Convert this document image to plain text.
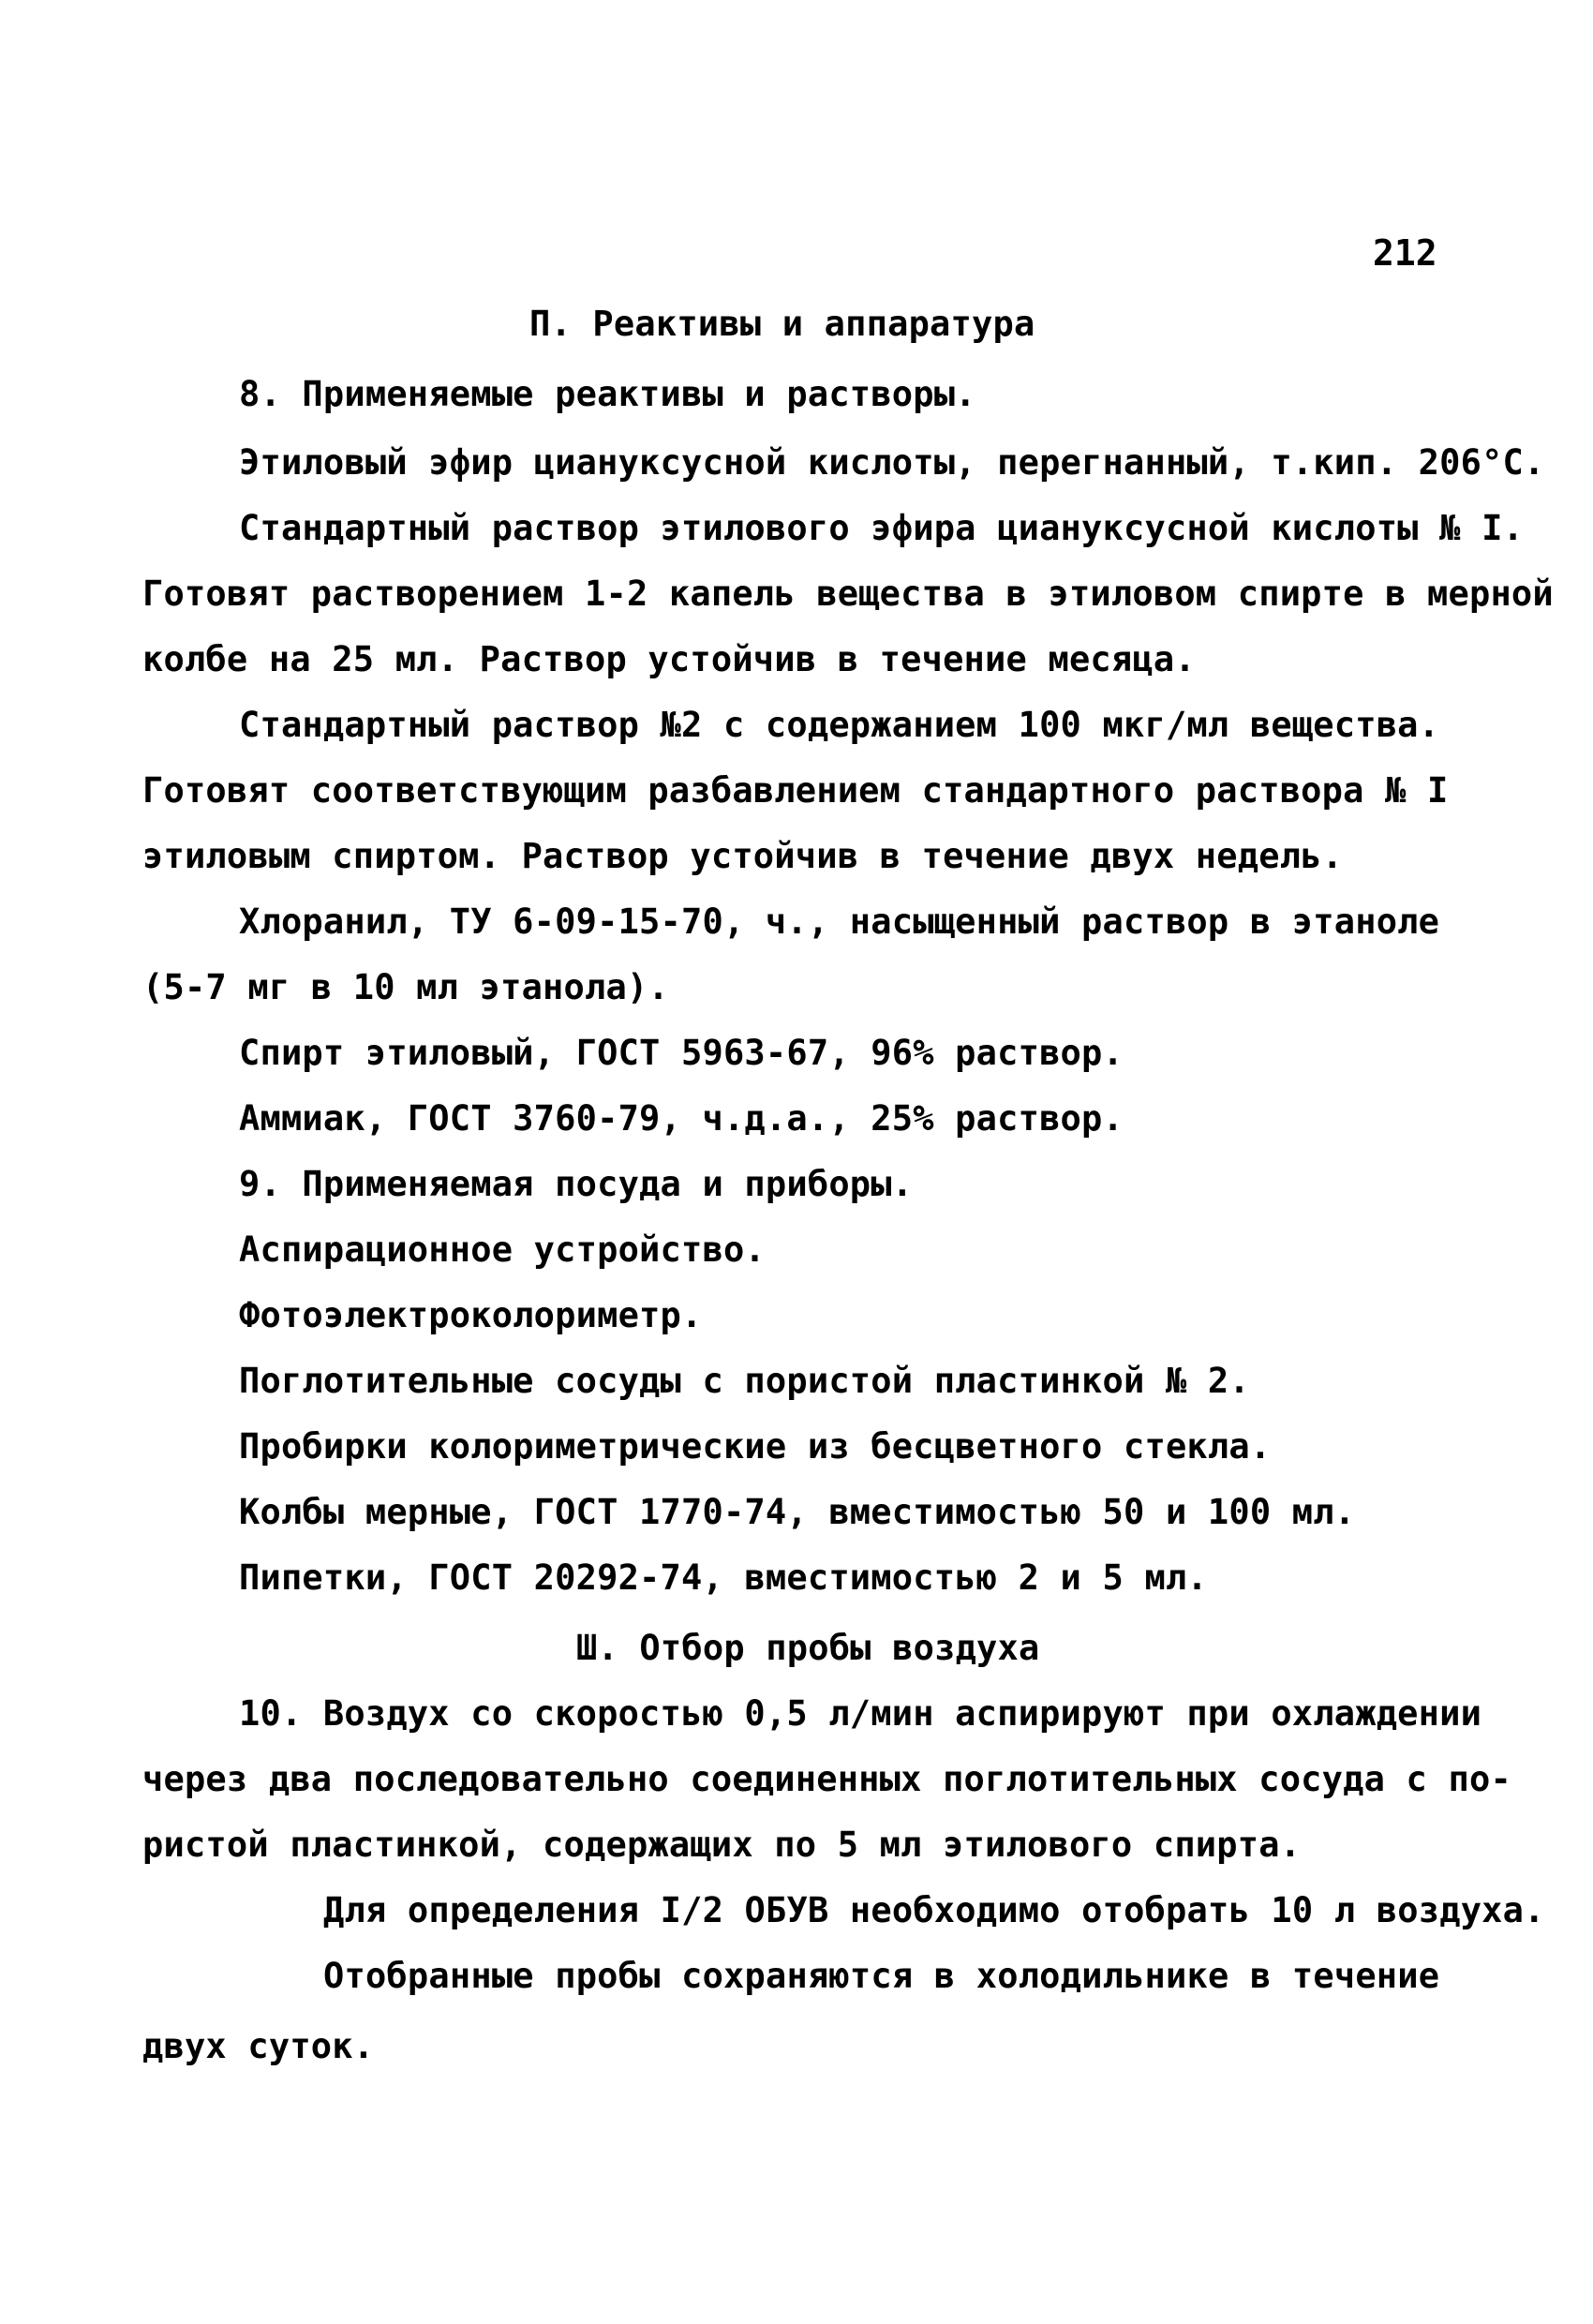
212
П. Реактивы и аппаратура
8. Применяемые реактивы и растворы.
Этиловый эфир циануксусной кислоты, перегнанный, т.кип. 206°С.
Стандартный раствор этилового эфира циануксусной кислоты № I.
Готовят растворением 1-2 капель вещества в этиловом спирте в мерной
колбе на 25 мл. Раствор устойчив в течение месяца.
Стандартный раствор №2 с содержанием 100 мкг/мл вещества.
Готовят соответствующим разбавлением стандартного раствора № I
этиловым спиртом. Раствор устойчив в течение двух недель.
Хлоранил, ТУ 6-09-15-70, ч., насыщенный раствор в этаноле
(5-7 мг в 10 мл этанола).
Спирт этиловый, ГОСТ 5963-67, 96% раствор.
Аммиак, ГОСТ 3760-79, ч.д.а., 25% раствор.
9. Применяемая посуда и приборы.
Аспирационное устройство.
Фотоэлектроколориметр.
Поглотительные сосуды с пористой пластинкой № 2.
Пробирки колориметрические из бесцветного стекла.
Колбы мерные, ГОСТ 1770-74, вместимостью 50 и 100 мл.
Пипетки, ГОСТ 20292-74, вместимостью 2 и 5 мл.
Ш. Отбор пробы воздуха
10. Воздух со скоростью 0,5 л/мин аспирируют при охлаждении
через два последовательно соединенных поглотительных сосуда с по-
ристой пластинкой, содержащих по 5 мл этилового спирта.
Для определения I/2 ОБУВ необходимо отобрать 10 л воздуха.
Отобранные пробы сохраняются в холодильнике в течение
двух суток.
